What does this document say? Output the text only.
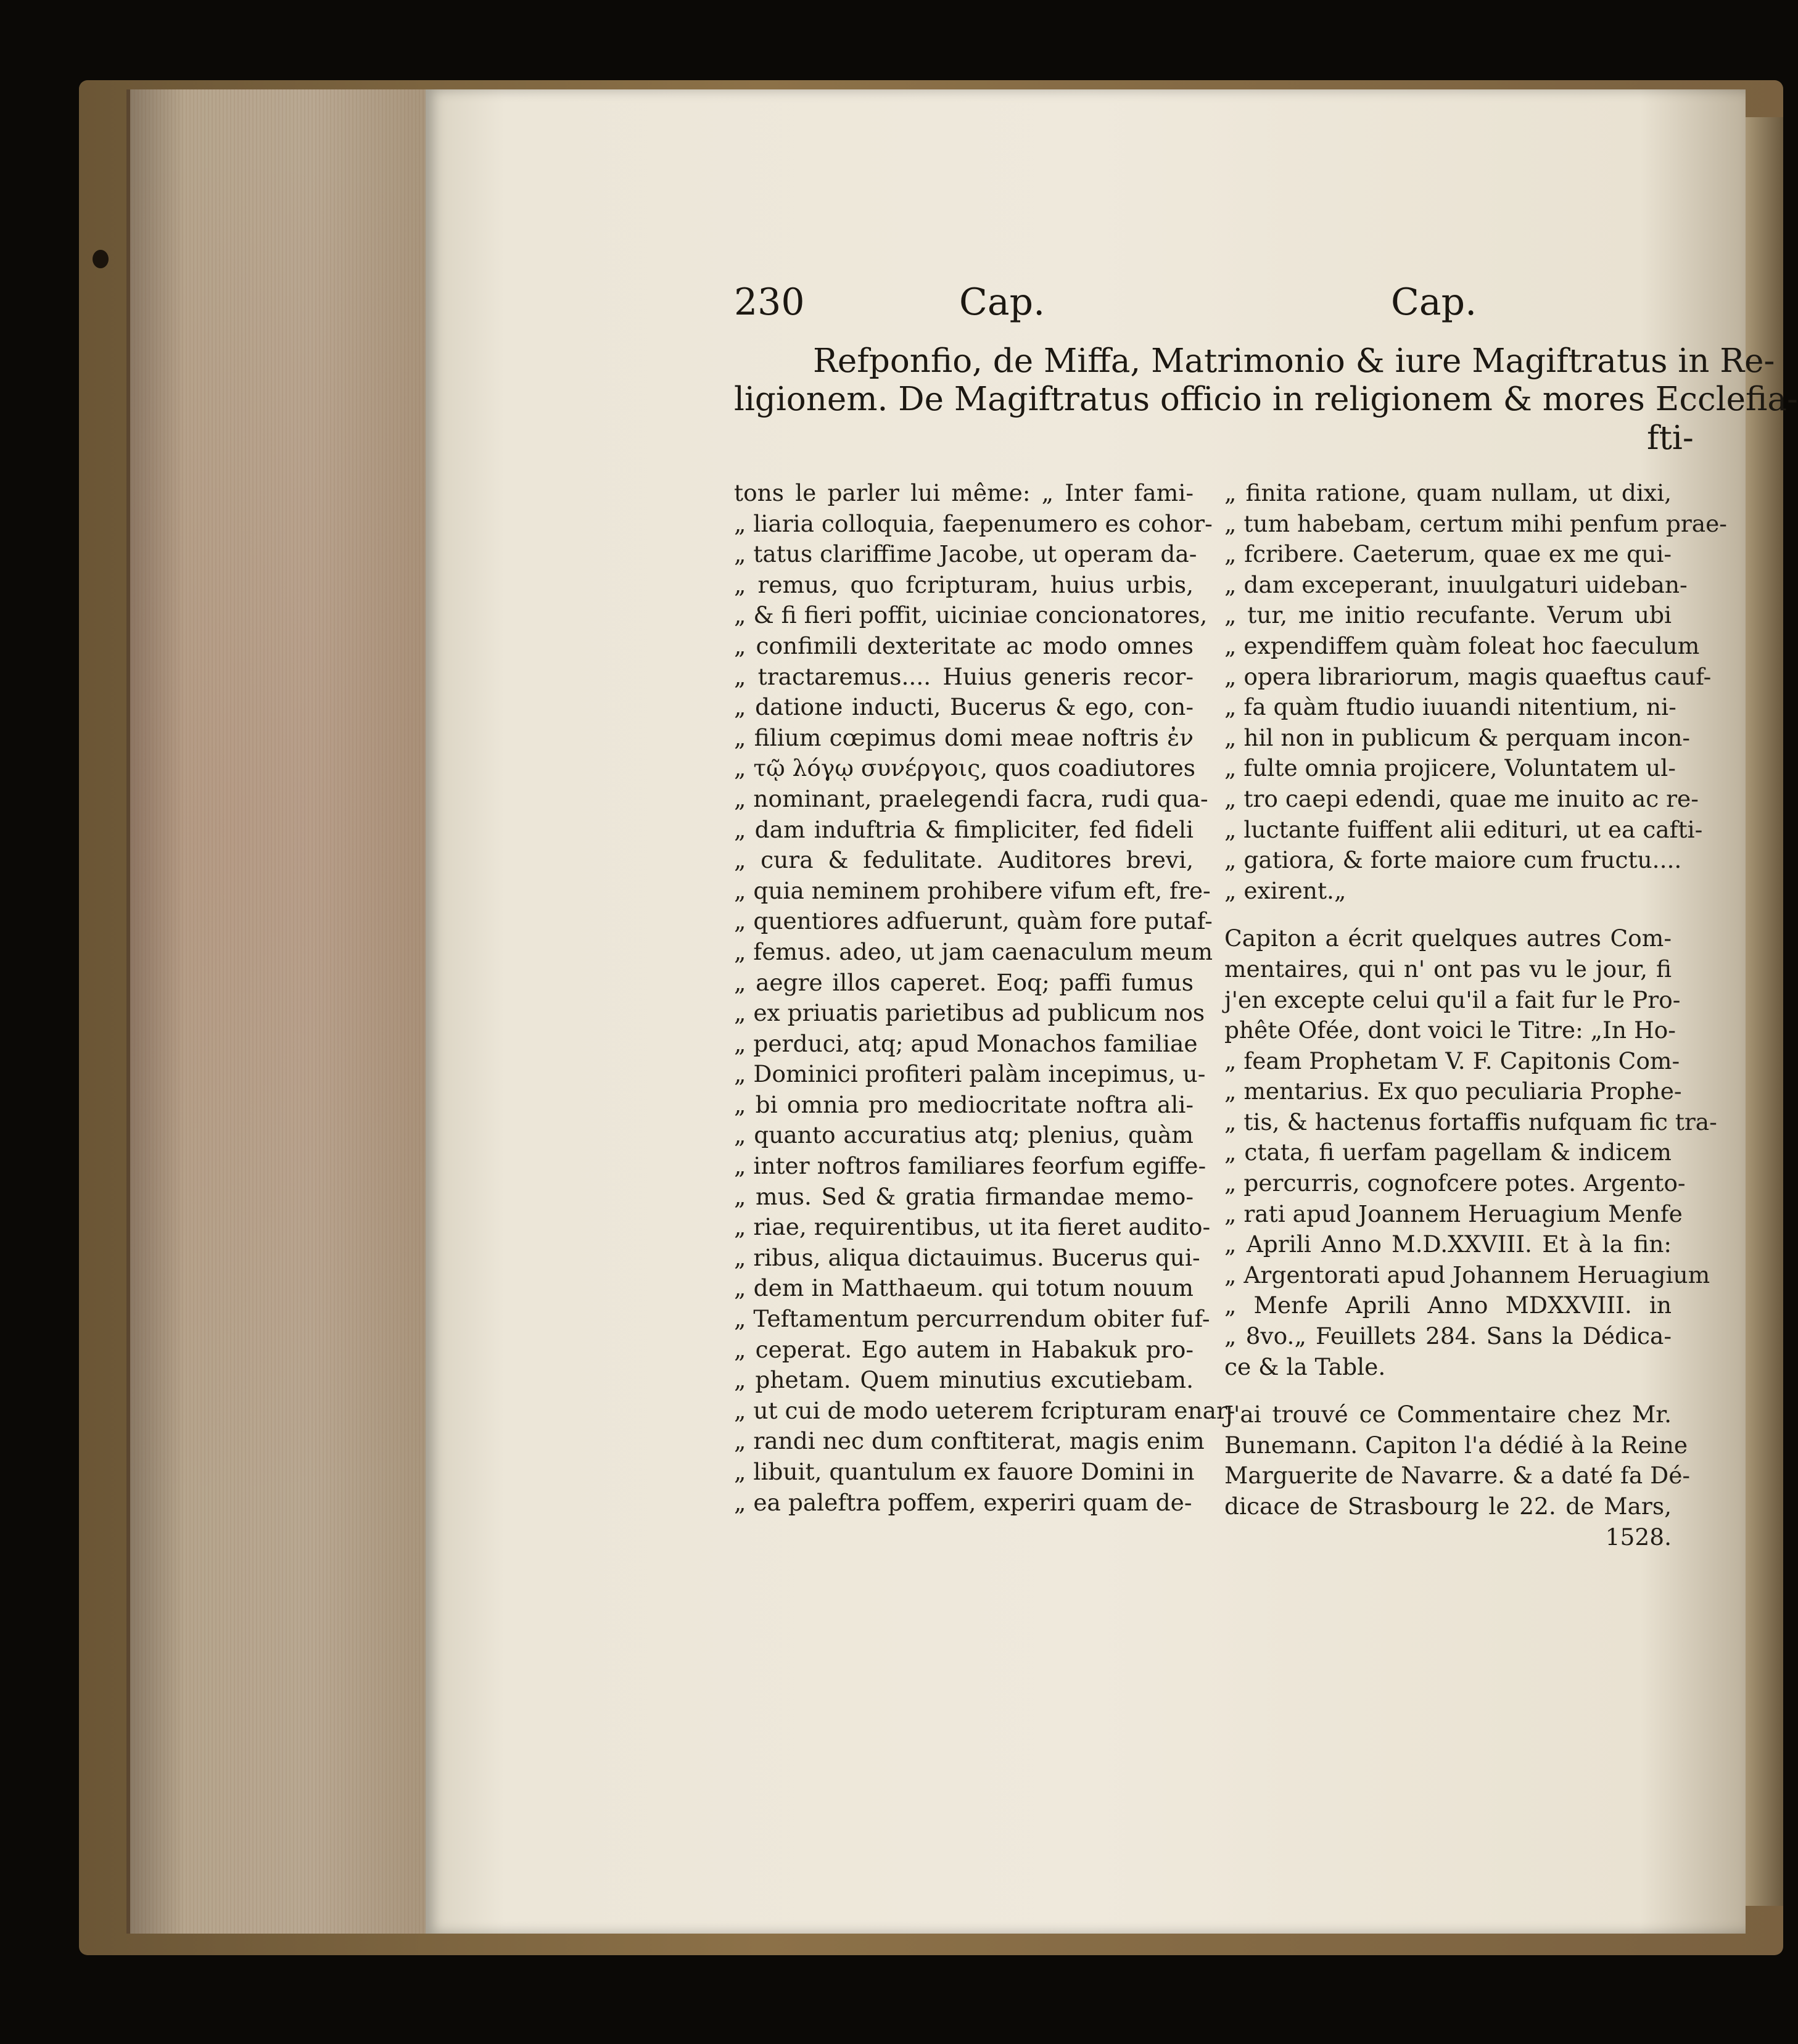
230	Cap.	Cap.
Refponfio, de Miffa, Matrimonio & iure Magiftratus in Re-
ligionem. De Magiftratus officio in religionem & mores Ecclefia-
fti-
tons le parler lui même: „ Inter fami-
„ liaria colloquia, faepenumero es cohor-
„ tatus clariffime Jacobe, ut operam da-
„ remus, quo fcripturam, huius urbis,
„ & fi fieri poffit, uiciniae concionatores,
„ confimili dexteritate ac modo omnes
„ tractaremus.... Huius generis recor-
„ datione inducti, Bucerus & ego, con-
„ filium cœpimus domi meae noftris ἐν
„ τῷ λόγῳ συνέργοις, quos coadiutores
„ nominant, praelegendi facra, rudi qua-
„ dam induftria & fimpliciter, fed fideli
„ cura & fedulitate. Auditores brevi,
„ quia neminem prohibere vifum eft, fre-
„ quentiores adfuerunt, quàm fore putaf-
„ femus. adeo, ut jam caenaculum meum
„ aegre illos caperet. Eoq; paffi fumus
„ ex priuatis parietibus ad publicum nos
„ perduci, atq; apud Monachos familiae
„ Dominici profiteri palàm incepimus, u-
„ bi omnia pro mediocritate noftra ali-
„ quanto accuratius atq; plenius, quàm
„ inter noftros familiares feorfum egiffe-
„ mus. Sed & gratia firmandae memo-
„ riae, requirentibus, ut ita fieret audito-
„ ribus, aliqua dictauimus. Bucerus qui-
„ dem in Matthaeum. qui totum nouum
„ Teftamentum percurrendum obiter fuf-
„ ceperat. Ego autem in Habakuk pro-
„ phetam. Quem minutius excutiebam.
„ ut cui de modo ueterem fcripturam enar-
„ randi nec dum conftiterat, magis enim
„ libuit, quantulum ex fauore Domini in
„ ea paleftra poffem, experiri quam de-
„ finita ratione, quam nullam, ut dixi,
„ tum habebam, certum mihi penfum prae-
„ fcribere. Caeterum, quae ex me qui-
„ dam exceperant, inuulgaturi uideban-
„ tur, me initio recufante. Verum ubi
„ expendiffem quàm foleat hoc faeculum
„ opera librariorum, magis quaeftus cauf-
„ fa quàm ftudio iuuandi nitentium, ni-
„ hil non in publicum & perquam incon-
„ fulte omnia projicere, Voluntatem ul-
„ tro caepi edendi, quae me inuito ac re-
„ luctante fuiffent alii edituri, ut ea cafti-
„ gatiora, & forte maiore cum fructu....
„ exirent.„
Capiton a écrit quelques autres Com-
mentaires, qui n' ont pas vu le jour, fi
j'en excepte celui qu'il a fait fur le Pro-
phête Ofée, dont voici le Titre: „In Ho-
„ feam Prophetam V. F. Capitonis Com-
„ mentarius. Ex quo peculiaria Prophe-
„ tis, & hactenus fortaffis nufquam fic tra-
„ ctata, fi uerfam pagellam & indicem
„ percurris, cognofcere potes. Argento-
„ rati apud Joannem Heruagium Menfe
„ Aprili Anno M.D.XXVIII. Et à la fin:
„ Argentorati apud Johannem Heruagium
„ Menfe Aprili Anno MDXXVIII. in
„ 8vo.„ Feuillets 284. Sans la Dédica-
ce & la Table.
J'ai trouvé ce Commentaire chez Mr.
Bunemann. Capiton l'a dédié à la Reine
Marguerite de Navarre. & a daté fa Dé-
dicace de Strasbourg le 22. de Mars,
1528.
